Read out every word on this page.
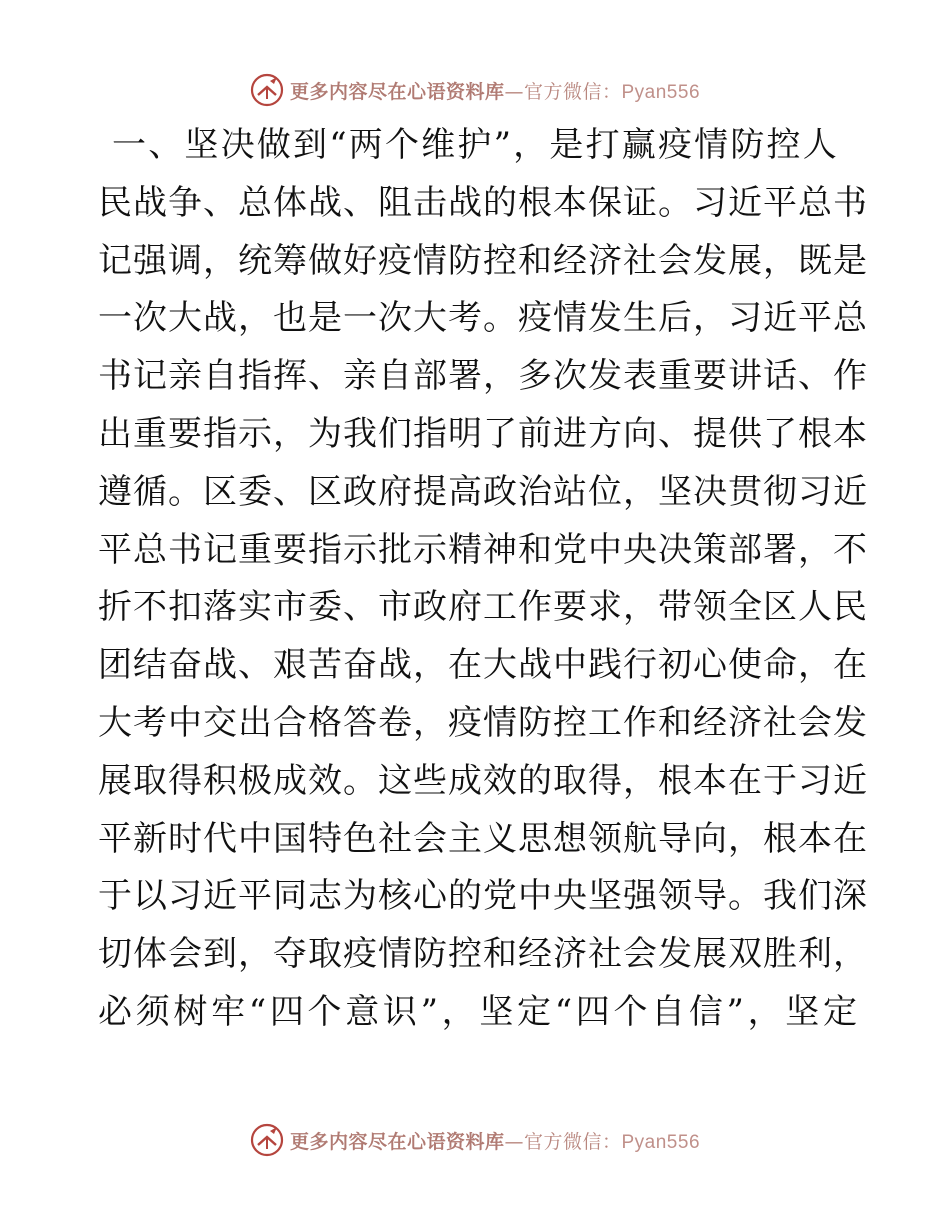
更多内容尽在心语资料库—官方微信：Pyan556
一、坚决做到“两个维护”，是打赢疫情防控人
民战争、总体战、阻击战的根本保证。习近平总书
记强调，统筹做好疫情防控和经济社会发展，既是
一次大战，也是一次大考。疫情发生后，习近平总
书记亲自指挥、亲自部署，多次发表重要讲话、作
出重要指示，为我们指明了前进方向、提供了根本
遵循。区委、区政府提高政治站位，坚决贯彻习近
平总书记重要指示批示精神和党中央决策部署，不
折不扣落实市委、市政府工作要求，带领全区人民
团结奋战、艰苦奋战，在大战中践行初心使命，在
大考中交出合格答卷，疫情防控工作和经济社会发
展取得积极成效。这些成效的取得，根本在于习近
平新时代中国特色社会主义思想领航导向，根本在
于以习近平同志为核心的党中央坚强领导。我们深
切体会到，夺取疫情防控和经济社会发展双胜利，
必须树牢“四个意识”，坚定“四个自信”，坚定
更多内容尽在心语资料库—官方微信：Pyan556
